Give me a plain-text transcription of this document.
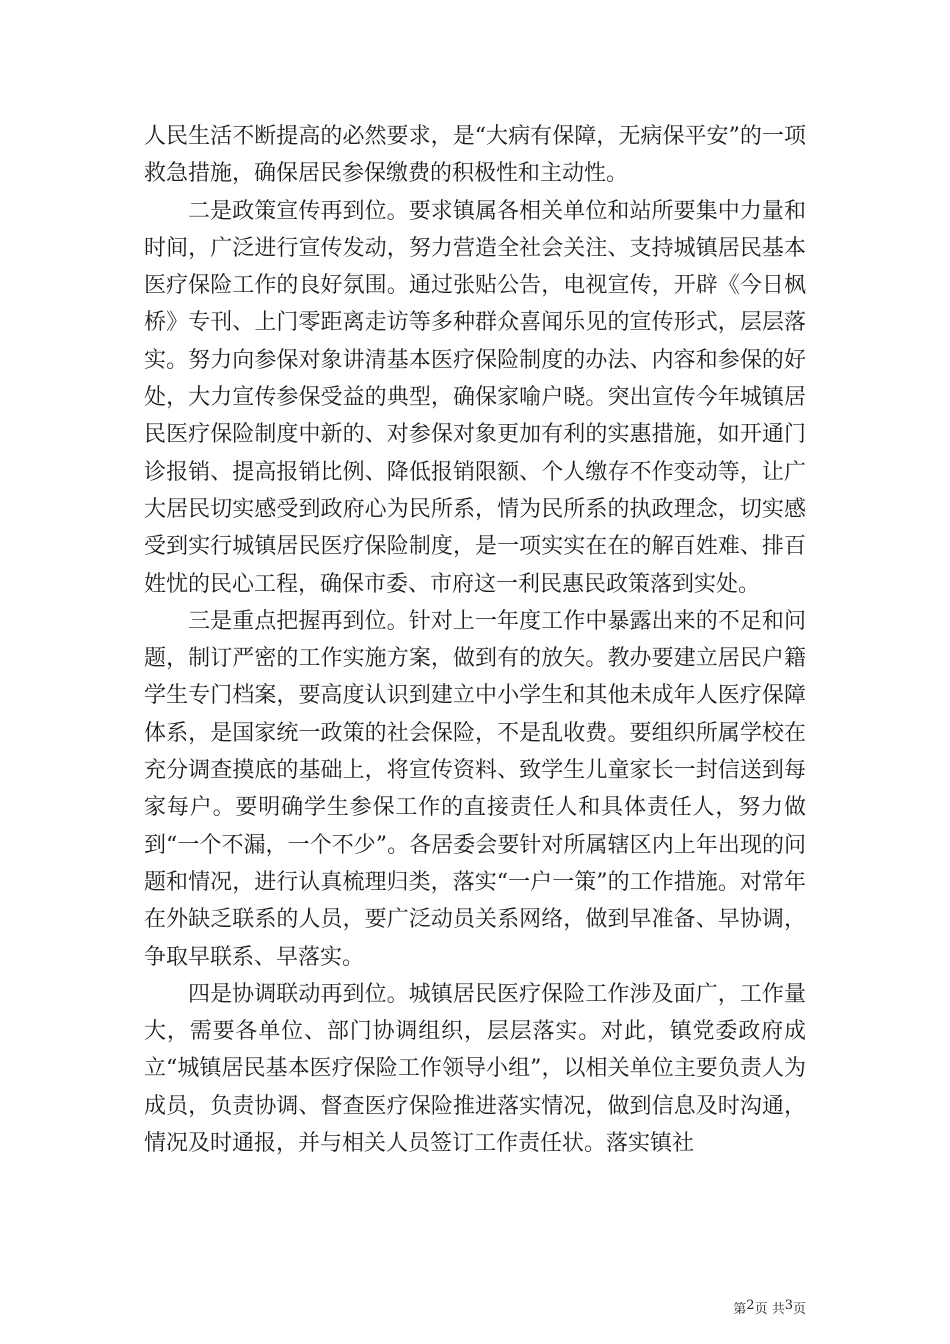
人民生活不断提高的必然要求，是“大病有保障，无病保平安”的一项救急措施，确保居民参保缴费的积极性和主动性。

二是政策宣传再到位。要求镇属各相关单位和站所要集中力量和时间，广泛进行宣传发动，努力营造全社会关注、支持城镇居民基本医疗保险工作的良好氛围。通过张贴公告，电视宣传，开辟《今日枫桥》专刊、上门零距离走访等多种群众喜闻乐见的宣传形式，层层落实。努力向参保对象讲清基本医疗保险制度的办法、内容和参保的好处，大力宣传参保受益的典型，确保家喻户晓。突出宣传今年城镇居民医疗保险制度中新的、对参保对象更加有利的实惠措施，如开通门诊报销、提高报销比例、降低报销限额、个人缴存不作变动等，让广大居民切实感受到政府心为民所系，情为民所系的执政理念，切实感受到实行城镇居民医疗保险制度，是一项实实在在的解百姓难、排百姓忧的民心工程，确保市委、市府这一利民惠民政策落到实处。

三是重点把握再到位。针对上一年度工作中暴露出来的不足和问题，制订严密的工作实施方案，做到有的放矢。教办要建立居民户籍学生专门档案，要高度认识到建立中小学生和其他未成年人医疗保障体系，是国家统一政策的社会保险，不是乱收费。要组织所属学校在充分调查摸底的基础上，将宣传资料、致学生儿童家长一封信送到每家每户。要明确学生参保工作的直接责任人和具体责任人，努力做到“一个不漏，一个不少”。各居委会要针对所属辖区内上年出现的问题和情况，进行认真梳理归类，落实“一户一策”的工作措施。对常年在外缺乏联系的人员，要广泛动员关系网络，做到早准备、早协调，争取早联系、早落实。

四是协调联动再到位。城镇居民医疗保险工作涉及面广，工作量大，需要各单位、部门协调组织，层层落实。对此，镇党委政府成立“城镇居民基本医疗保险工作领导小组”，以相关单位主要负责人为成员，负责协调、督查医疗保险推进落实情况，做到信息及时沟通，情况及时通报，并与相关人员签订工作责任状。落实镇社

第 2 页 共 3 页
